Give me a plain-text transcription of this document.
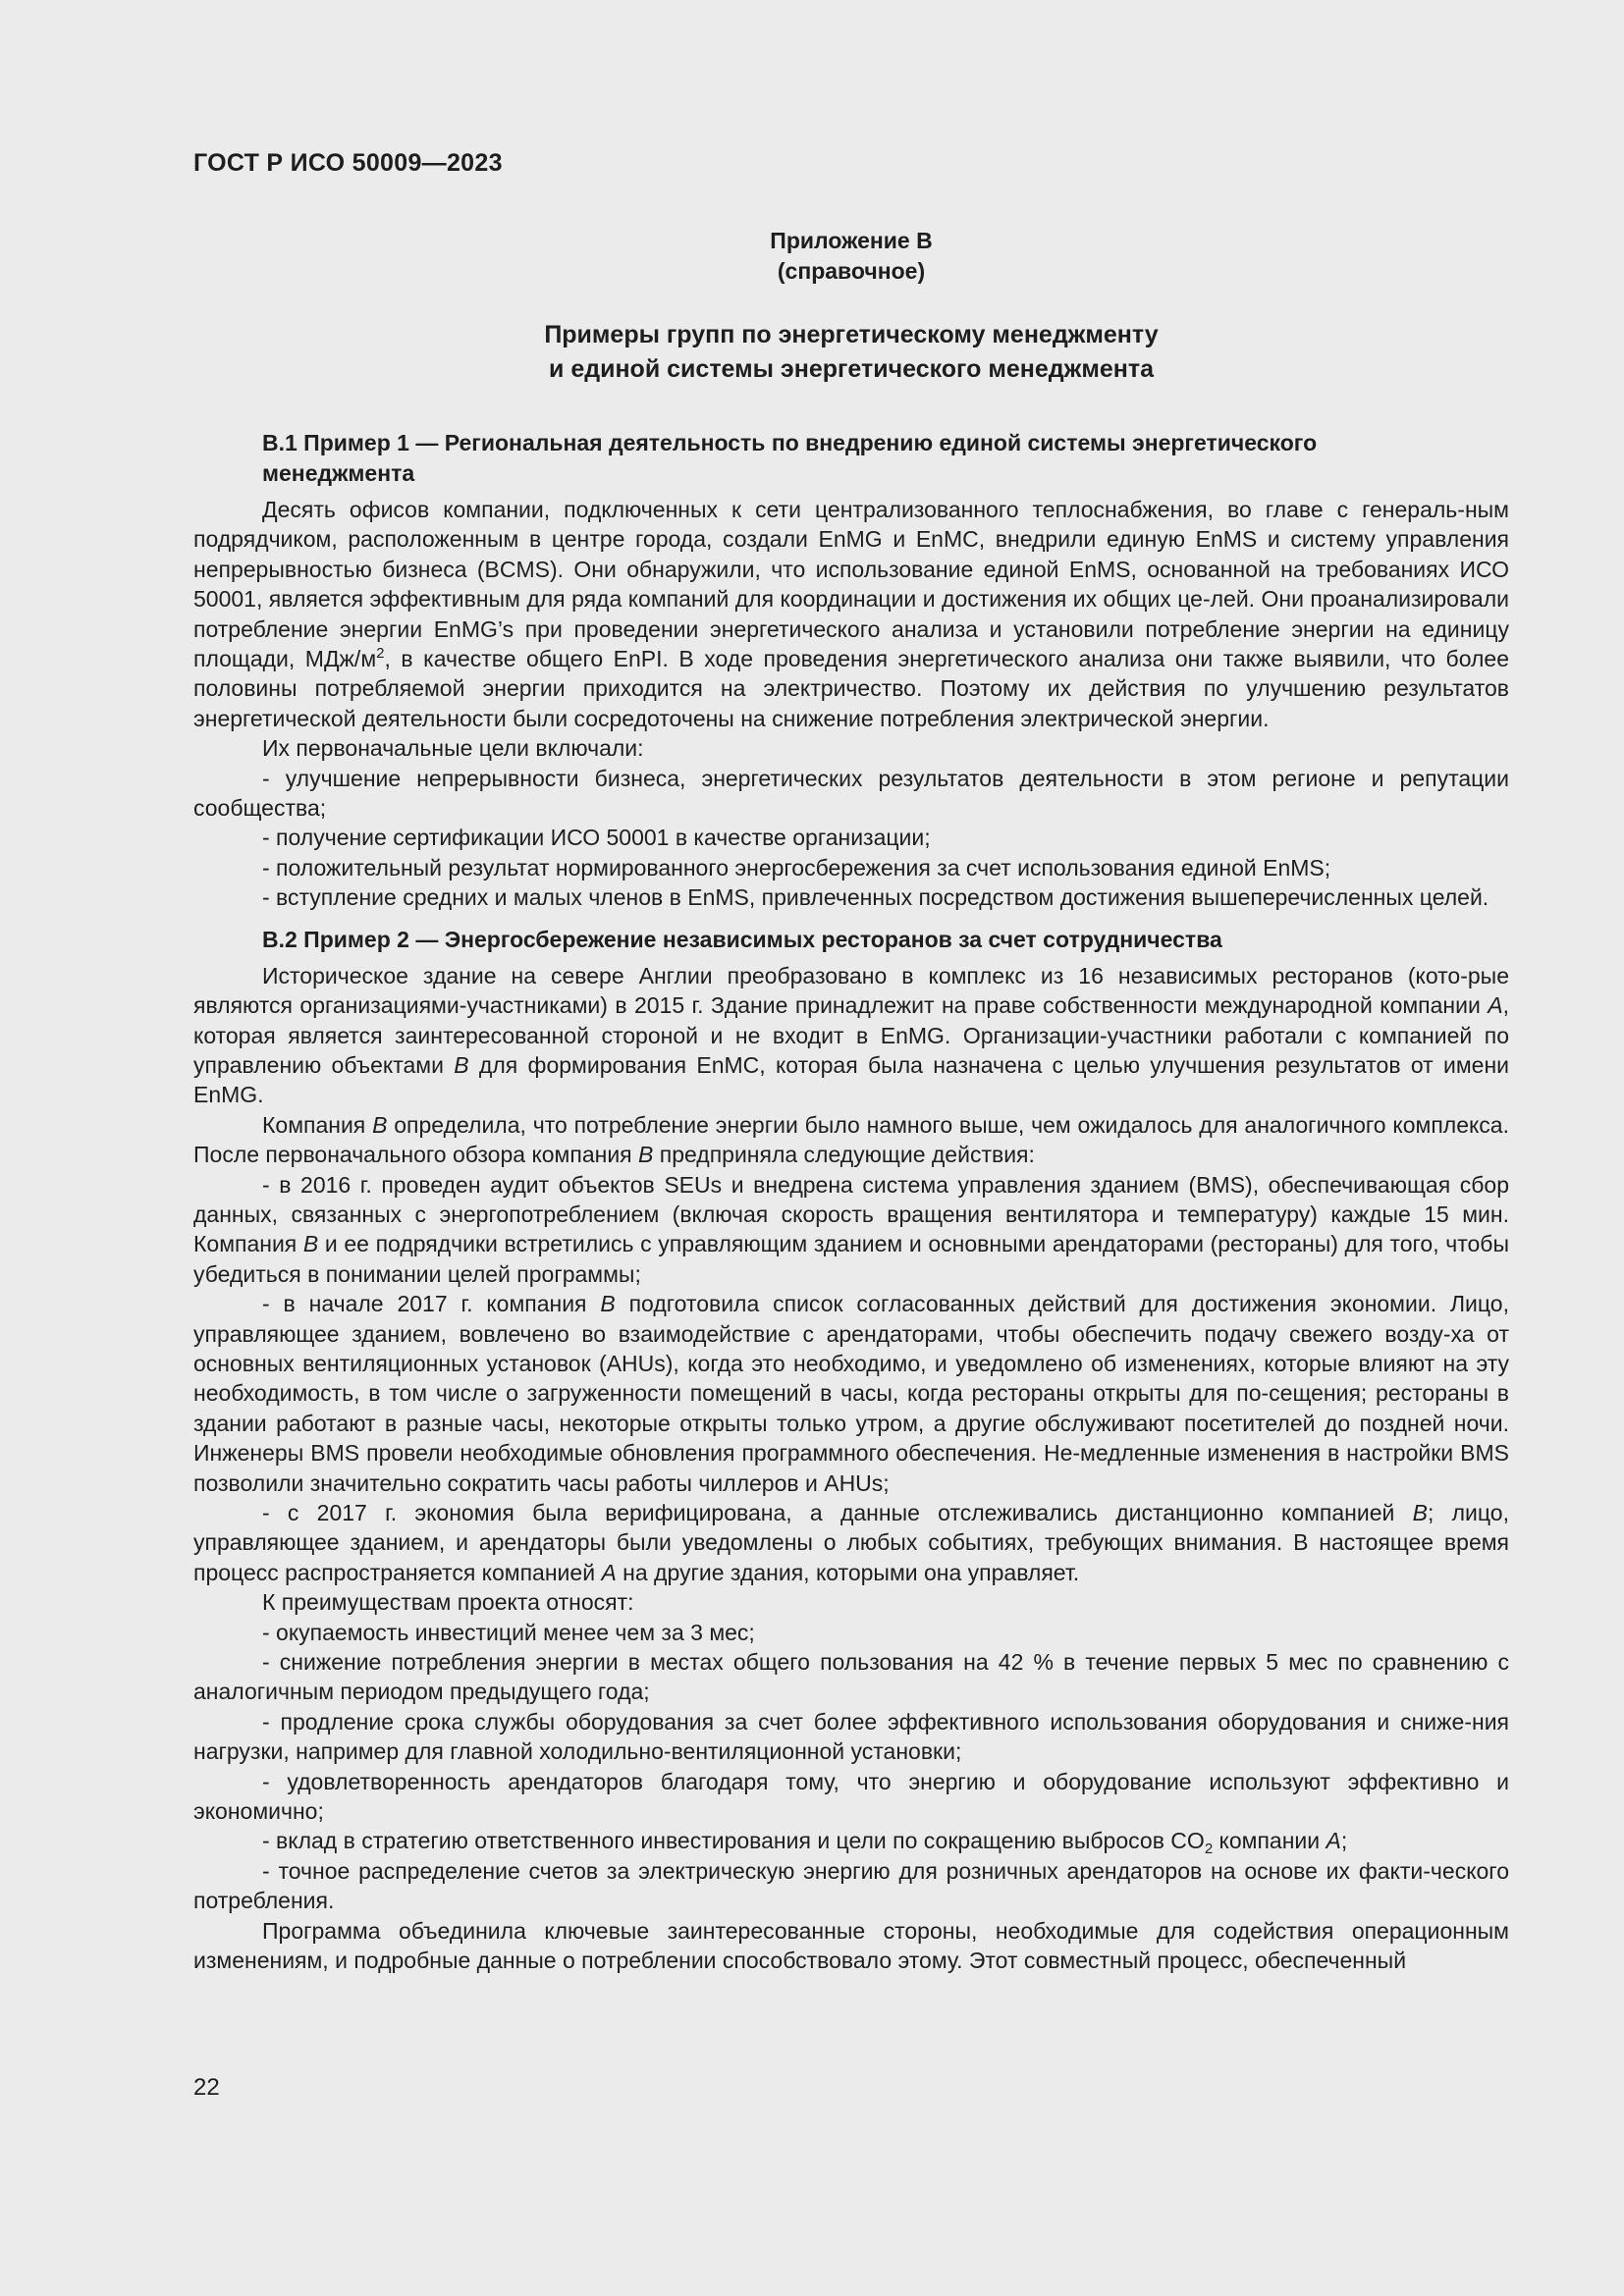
ГОСТ Р ИСО 50009—2023
Приложение В
(справочное)
Примеры групп по энергетическому менеджменту
и единой системы энергетического менеджмента
В.1 Пример 1 — Региональная деятельность по внедрению единой системы энергетического
менеджмента

Десять офисов компании, подключенных к сети централизованного теплоснабжения, во главе с генераль-ным подрядчиком, расположенным в центре города, создали EnMG и EnMC, внедрили единую EnMS и систему управления непрерывностью бизнеса (BCMS). Они обнаружили, что использование единой EnMS, основанной на требованиях ИСО 50001, является эффективным для ряда компаний для координации и достижения их общих це-лей. Они проанализировали потребление энергии EnMG’s при проведении энергетического анализа и установили потребление энергии на единицу площади, МДж/$м^2$, в качестве общего EnPI. В ходе проведения энергетического анализа они также выявили, что более половины потребляемой энергии приходится на электричество. Поэтому их действия по улучшению результатов энергетической деятельности были сосредоточены на снижение потребления электрической энергии.

Их первоначальные цели включали:

- улучшение непрерывности бизнеса, энергетических результатов деятельности в этом регионе и репутации сообщества;

- получение сертификации ИСО 50001 в качестве организации;

- положительный результат нормированного энергосбережения за счет использования единой EnMS;

- вступление средних и малых членов в EnMS, привлеченных посредством достижения вышеперечисленных целей.

В.2 Пример 2 — Энергосбережение независимых ресторанов за счет сотрудничества

Историческое здание на севере Англии преобразовано в комплекс из 16 независимых ресторанов (кото-рые являются организациями-участниками) в 2015 г. Здание принадлежит на праве собственности международной компании А, которая является заинтересованной стороной и не входит в EnMG. Организации-участники работали с компанией по управлению объектами В для формирования EnMC, которая была назначена с целью улучшения результатов от имени EnMG.

Компания В определила, что потребление энергии было намного выше, чем ожидалось для аналогичного комплекса. После первоначального обзора компания В предприняла следующие действия:

- в 2016 г. проведен аудит объектов SEUs и внедрена система управления зданием (BMS), обеспечивающая сбор данных, связанных с энергопотреблением (включая скорость вращения вентилятора и температуру) каждые 15 мин. Компания В и ее подрядчики встретились с управляющим зданием и основными арендаторами (рестораны) для того, чтобы убедиться в понимании целей программы;

- в начале 2017 г. компания В подготовила список согласованных действий для достижения экономии. Лицо, управляющее зданием, вовлечено во взаимодействие с арендаторами, чтобы обеспечить подачу свежего возду-ха от основных вентиляционных установок (AHUs), когда это необходимо, и уведомлено об изменениях, которые влияют на эту необходимость, в том числе о загруженности помещений в часы, когда рестораны открыты для по-сещения; рестораны в здании работают в разные часы, некоторые открыты только утром, а другие обслуживают посетителей до поздней ночи. Инженеры BMS провели необходимые обновления программного обеспечения. Не-медленные изменения в настройки BMS позволили значительно сократить часы работы чиллеров и AHUs;

- с 2017 г. экономия была верифицирована, а данные отслеживались дистанционно компанией В; лицо, управляющее зданием, и арендаторы были уведомлены о любых событиях, требующих внимания. В настоящее время процесс распространяется компанией А на другие здания, которыми она управляет.

К преимуществам проекта относят:

- окупаемость инвестиций менее чем за 3 мес;

- снижение потребления энергии в местах общего пользования на 42 % в течение первых 5 мес по сравнению с аналогичным периодом предыдущего года;

- продление срока службы оборудования за счет более эффективного использования оборудования и сниже-ния нагрузки, например для главной холодильно-вентиляционной установки;

- удовлетворенность арендаторов благодаря тому, что энергию и оборудование используют эффективно и экономично;

- вклад в стратегию ответственного инвестирования и цели по сокращению выбросов $CO_2$ компании А;

- точное распределение счетов за электрическую энергию для розничных арендаторов на основе их факти-ческого потребления.

Программа объединила ключевые заинтересованные стороны, необходимые для содействия операционным изменениям, и подробные данные о потреблении способствовало этому. Этот совместный процесс, обеспеченный

22
